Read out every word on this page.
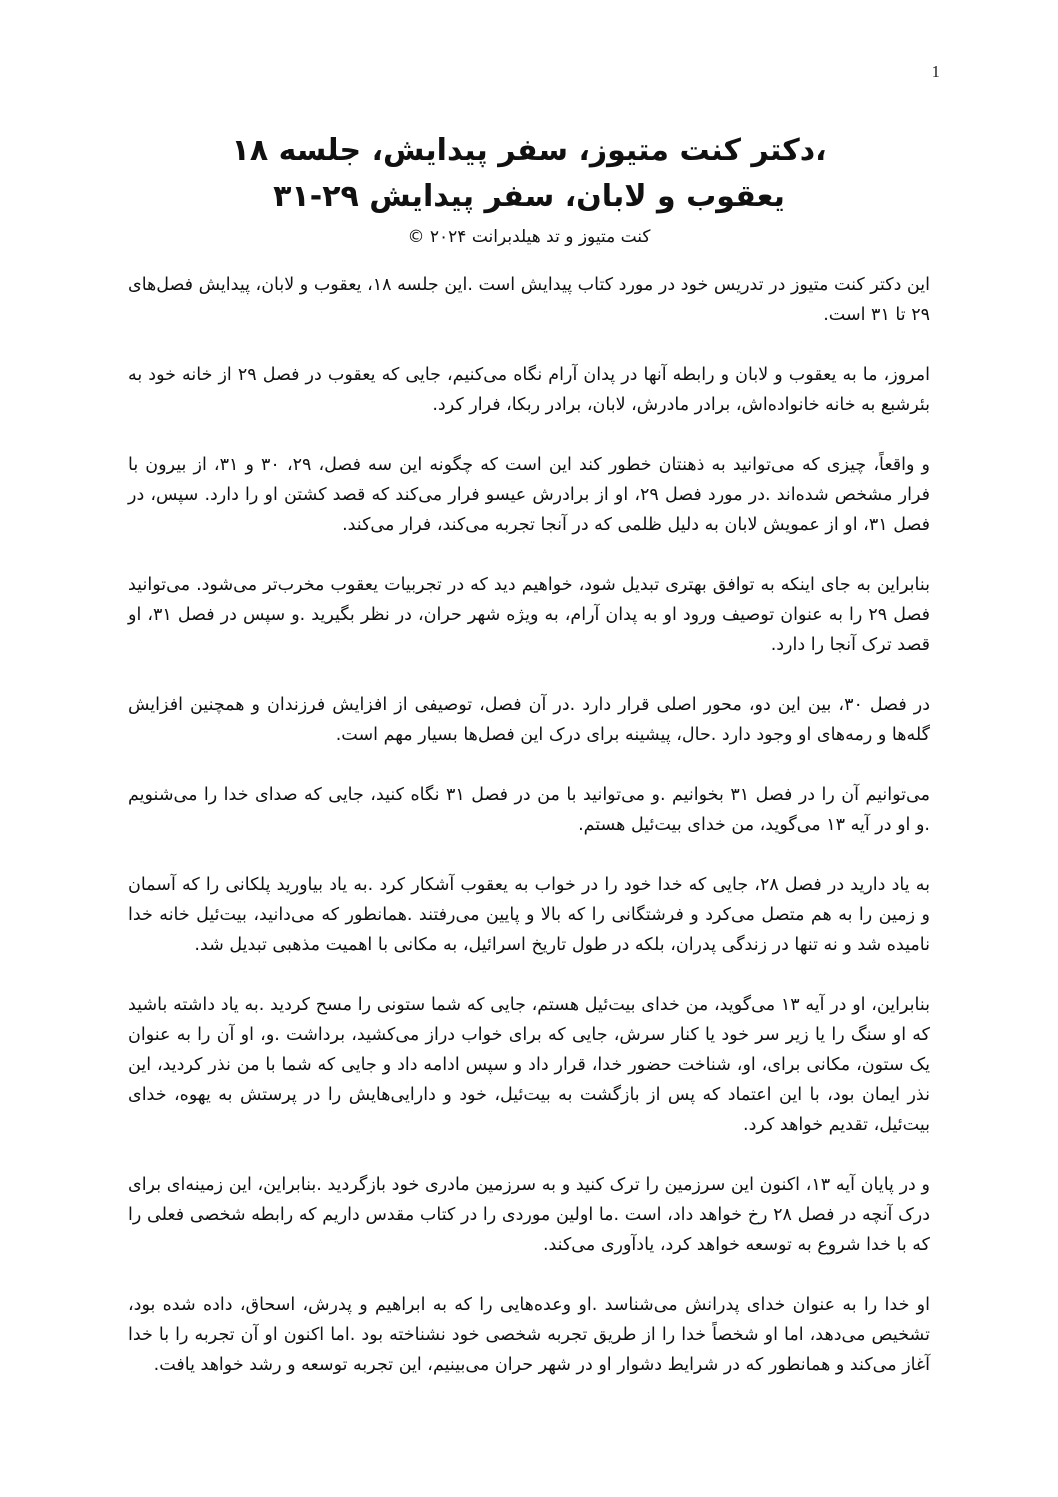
1

،دکتر کنت متیوز، سفر پیدایش، جلسه ۱۸

یعقوب و لابان، سفر پیدایش ۲۹-۳۱

کنت متیوز و تد هیلدبرانت ۲۰۲۴ ©

این دکتر کنت متیوز در تدریس خود در مورد کتاب پیدایش است .این جلسه ۱۸، یعقوب و لابان، پیدایش فصل‌های ۲۹ تا ۳۱ است.

امروز، ما به یعقوب و لابان و رابطه آنها در پدان آرام نگاه می‌کنیم، جایی که یعقوب در فصل ۲۹ از خانه خود به بئرشبع به خانه خانواده‌اش، برادر مادرش، لابان، برادر ربکا، فرار کرد.

و واقعاً، چیزی که می‌توانید به ذهنتان خطور کند این است که چگونه این سه فصل، ۲۹، ۳۰ و ۳۱، از بیرون با فرار مشخص شده‌اند .در مورد فصل ۲۹، او از برادرش عیسو فرار می‌کند که قصد کشتن او را دارد. سپس، در فصل ۳۱، او از عمویش لابان به دلیل ظلمی که در آنجا تجربه می‌کند، فرار می‌کند.

بنابراین به جای اینکه به توافق بهتری تبدیل شود، خواهیم دید که در تجربیات یعقوب مخرب‌تر می‌شود. می‌توانید فصل ۲۹ را به عنوان توصیف ورود او به پدان آرام، به ویژه شهر حران، در نظر بگیرید .و سپس در فصل ۳۱، او قصد ترک آنجا را دارد.

در فصل ۳۰، بین این دو، محور اصلی قرار دارد .در آن فصل، توصیفی از افزایش فرزندان و همچنین افزایش گله‌ها و رمه‌های او وجود دارد .حال، پیشینه برای درک این فصل‌ها بسیار مهم است.

می‌توانیم آن را در فصل ۳۱ بخوانیم .و می‌توانید با من در فصل ۳۱ نگاه کنید، جایی که صدای خدا را می‌شنویم .و او در آیه ۱۳ می‌گوید، من خدای بیت‌ئیل هستم.

به یاد دارید در فصل ۲۸، جایی که خدا خود را در خواب به یعقوب آشکار کرد .به یاد بیاورید پلکانی را که آسمان و زمین را به هم متصل می‌کرد و فرشتگانی را که بالا و پایین می‌رفتند .همانطور که می‌دانید، بیت‌ئیل خانه خدا نامیده شد و نه تنها در زندگی پدران، بلکه در طول تاریخ اسرائیل، به مکانی با اهمیت مذهبی تبدیل شد.

بنابراین، او در آیه ۱۳ می‌گوید، من خدای بیت‌ئیل هستم، جایی که شما ستونی را مسح کردید .به یاد داشته باشید که او سنگ را یا زیر سر خود یا کنار سرش، جایی که برای خواب دراز می‌کشید، برداشت .و، او آن را به عنوان یک ستون، مکانی برای، او، شناخت حضور خدا، قرار داد و سپس ادامه داد و جایی که شما با من نذر کردید، این نذر ایمان بود، با این اعتماد که پس از بازگشت به بیت‌ئیل، خود و دارایی‌هایش را در پرستش به یهوه، خدای بیت‌ئیل، تقدیم خواهد کرد.

و در پایان آیه ۱۳، اکنون این سرزمین را ترک کنید و به سرزمین مادری خود بازگردید .بنابراین، این زمینه‌ای برای درک آنچه در فصل ۲۸ رخ خواهد داد، است .ما اولین موردی را در کتاب مقدس داریم که رابطه شخصی فعلی را که با خدا شروع به توسعه خواهد کرد، یادآوری می‌کند.

او خدا را به عنوان خدای پدرانش می‌شناسد .او وعده‌هایی را که به ابراهیم و پدرش، اسحاق، داده شده بود، تشخیص می‌دهد، اما او شخصاً خدا را از طریق تجربه شخصی خود نشناخته بود .اما اکنون او آن تجربه را با خدا آغاز می‌کند و همانطور که در شرایط دشوار او در شهر حران می‌بینیم، این تجربه توسعه و رشد خواهد یافت.
